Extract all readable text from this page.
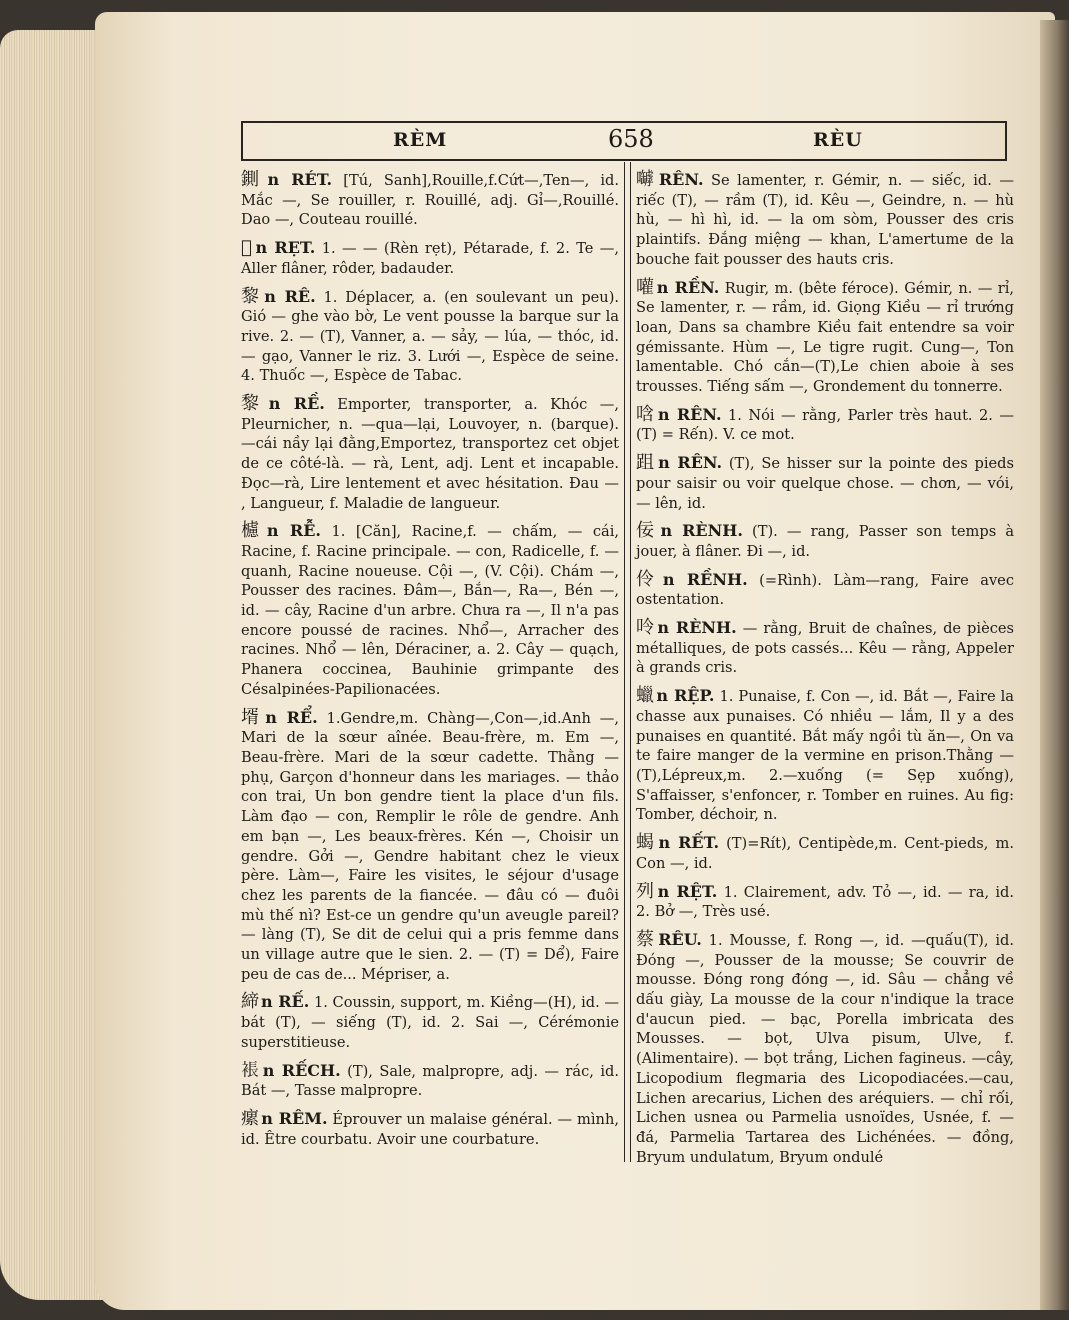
RÈM	658	RÈU
鍘 n RÉT. [Tú, Sanh],Rouille,f.Cứt—,Ten—, id. Mắc —, Se rouiller, r. Rouillé, adj. Gỉ—,Rouillé. Dao —, Couteau rouillé.
𠛌 n RẸT. 1. — — (Rèn rẹt), Pétarade, f. 2. Te —, Aller flâner, rôder, badauder.
黎 n RÊ. 1. Déplacer, a. (en soulevant un peu). Gió — ghe vào bờ, Le vent pousse la barque sur la rive. 2. — (T), Vanner, a. — sảy, — lúa, — thóc, id. — gạo, Vanner le riz. 3. Lưới —, Espèce de seine. 4. Thuốc —, Espèce de Tabac.
黎 n RỀ. Emporter, transporter, a. Khóc —, Pleurnicher, n. —qua—lại, Louvoyer, n. (barque). —cái nầy lại đằng,Emportez, transportez cet objet de ce côté-là. — rà, Lent, adj. Lent et incapable. Đọc—rà, Lire lentement et avec hésitation. Đau — , Langueur, f. Maladie de langueur.
櫖 n RỄ. 1. [Căn], Racine,f. — chấm, — cái, Racine, f. Racine principale. — con, Radicelle, f. — quanh, Racine noueuse. Cội —, (V. Cội). Chám —, Pousser des racines. Đâm—, Bắn—, Ra—, Bén —, id. — cây, Racine d'un arbre. Chưa ra —, Il n'a pas encore poussé de racines. Nhổ—, Arracher des racines. Nhổ — lên, Déraciner, a. 2. Cây — quạch, Phanera coccinea, Bauhinie grimpante des Césalpinées-Papilionacées.
壻 n RỂ. 1.Gendre,m. Chàng—,Con—,id.Anh —, Mari de la sœur aînée. Beau-frère, m. Em —, Beau-frère. Mari de la sœur cadette. Thằng — phụ, Garçon d'honneur dans les mariages. — thảo con trai, Un bon gendre tient la place d'un fils. Làm đạo — con, Remplir le rôle de gendre. Anh em bạn —, Les beaux-frères. Kén —, Choisir un gendre. Gởi —, Gendre habitant chez le vieux père. Làm—, Faire les visites, le séjour d'usage chez les parents de la fiancée. — đâu có — đuôi mù thế nì? Est-ce un gendre qu'un aveugle pareil? — làng (T), Se dit de celui qui a pris femme dans un village autre que le sien. 2. — (T) = Dể), Faire peu de cas de... Mépriser, a.
締 n RẾ. 1. Coussin, support, m. Kiềng—(H), id. — bát (T), — siếng (T), id. 2. Sai —, Cérémonie superstitieuse.
𧛇 n RẾCH. (T), Sale, malpropre, adj. — rác, id. Bát —, Tasse malpropre.
瘰 n RÊM. Éprouver un malaise général. — mình, id. Être courbatu. Avoir une courbature.
嚹 RÊN. Se lamenter, r. Gémir, n. — siếc, id. — riếc (T), — rầm (T), id. Kêu —, Geindre, n. — hù hù, — hì hì, id. — la om sòm, Pousser des cris plaintifs. Đắng miệng — khan, L'amertume de la bouche fait pousser des hauts cris.
嚾 n RỀN. Rugir, m. (bête féroce). Gémir, n. — rỉ, Se lamenter, r. — rầm, id. Giọng Kiều — rỉ trướng loan, Dans sa chambre Kiều fait entendre sa voir gémissante. Hùm —, Le tigre rugit. Cung—, Ton lamentable. Chó cắn—(T),Le chien aboie à ses trousses. Tiếng sấm —, Grondement du tonnerre.
唅 n RÊN. 1. Nói — rằng, Parler très haut. 2. —(T) = Rến). V. ce mot.
跙 n RÊN. (T), Se hisser sur la pointe des pieds pour saisir ou voir quelque chose. — chơn, — vói, — lên, id.
佞 n RÈNH. (T). — rang, Passer son temps à jouer, à flâner. Đi —, id.
伶 n RỀNH. (=Rình). Làm—rang, Faire avec ostentation.
呤 n RÈNH. — rằng, Bruit de chaînes, de pièces métalliques, de pots cassés... Kêu — rằng, Appeler à grands cris.
蠟 n RỆP. 1. Punaise, f. Con —, id. Bắt —, Faire la chasse aux punaises. Có nhiều — lắm, Il y a des punaises en quantité. Bắt mấy ngồi tù ăn—, On va te faire manger de la vermine en prison.Thằng —(T),Lépreux,m. 2.—xuống (= Sẹp xuống), S'affaisser, s'enfoncer, r. Tomber en ruines. Au fig: Tomber, déchoir, n.
蝎 n RẾT. (T)=Rít), Centipède,m. Cent-pieds, m. Con —, id.
列 n RỆT. 1. Clairement, adv. Tỏ —, id. — ra, id. 2. Bở —, Très usé.
蔡 RÊU. 1. Mousse, f. Rong —, id. —quấu(T), id. Đóng —, Pousser de la mousse; Se couvrir de mousse. Đóng rong đóng —, id. Sâu — chẳng về dấu giày, La mousse de la cour n'indique la trace d'aucun pied. — bạc, Porella imbricata des Mousses. — bọt, Ulva pisum, Ulve, f. (Alimentaire). — bọt trắng, Lichen fagineus. —cây, Licopodium flegmaria des Licopodiacées.—cau, Lichen arecarius, Lichen des aréquiers. — chỉ rối, Lichen usnea ou Parmelia usnoïdes, Usnée, f. — đá, Parmelia Tartarea des Lichénées. — đồng, Bryum undulatum, Bryum ondulé
